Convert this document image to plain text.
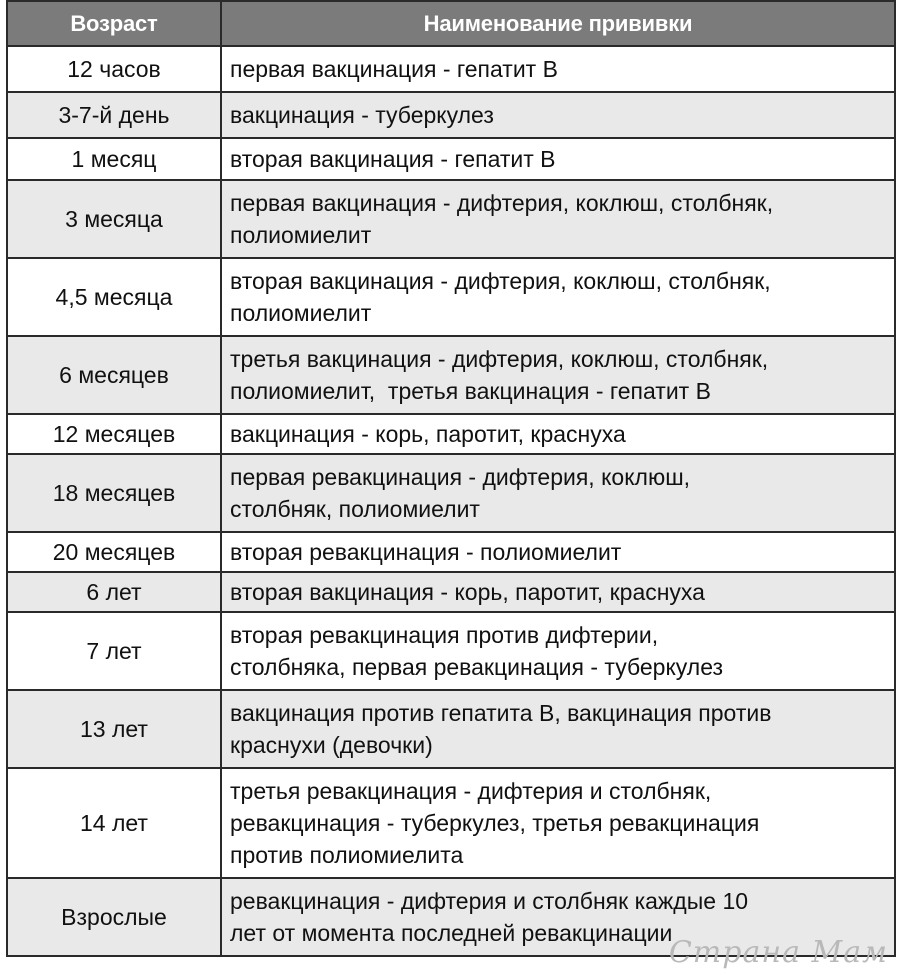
Возраст	Наименование прививки
12 часов	первая вакцинация - гепатит В

3-7-й день	вакцинация - туберкулез

1 месяц	вторая вакцинация - гепатит В

3 месяца	первая вакцинация - дифтерия, коклюш, столбняк,
полиомиелит

4,5 месяца	вторая вакцинация - дифтерия, коклюш, столбняк,
полиомиелит

6 месяцев	третья вакцинация - дифтерия, коклюш, столбняк,
полиомиелит,  третья вакцинация - гепатит В

12 месяцев	вакцинация - корь, паротит, краснуха

18 месяцев	первая ревакцинация - дифтерия, коклюш,
столбняк, полиомиелит

20 месяцев	вторая ревакцинация - полиомиелит

6 лет	вторая вакцинация - корь, паротит, краснуха

7 лет	вторая ревакцинация против дифтерии,
столбняка, первая ревакцинация - туберкулез

13 лет	вакцинация против гепатита В, вакцинация против
краснухи (девочки)

14 лет	третья ревакцинация - дифтерия и столбняк,
ревакцинация - туберкулез, третья ревакцинация
против полиомиелита

Взрослые	ревакцинация - дифтерия и столбняк каждые 10
лет от момента последней ревакцинации
Страна Мам
